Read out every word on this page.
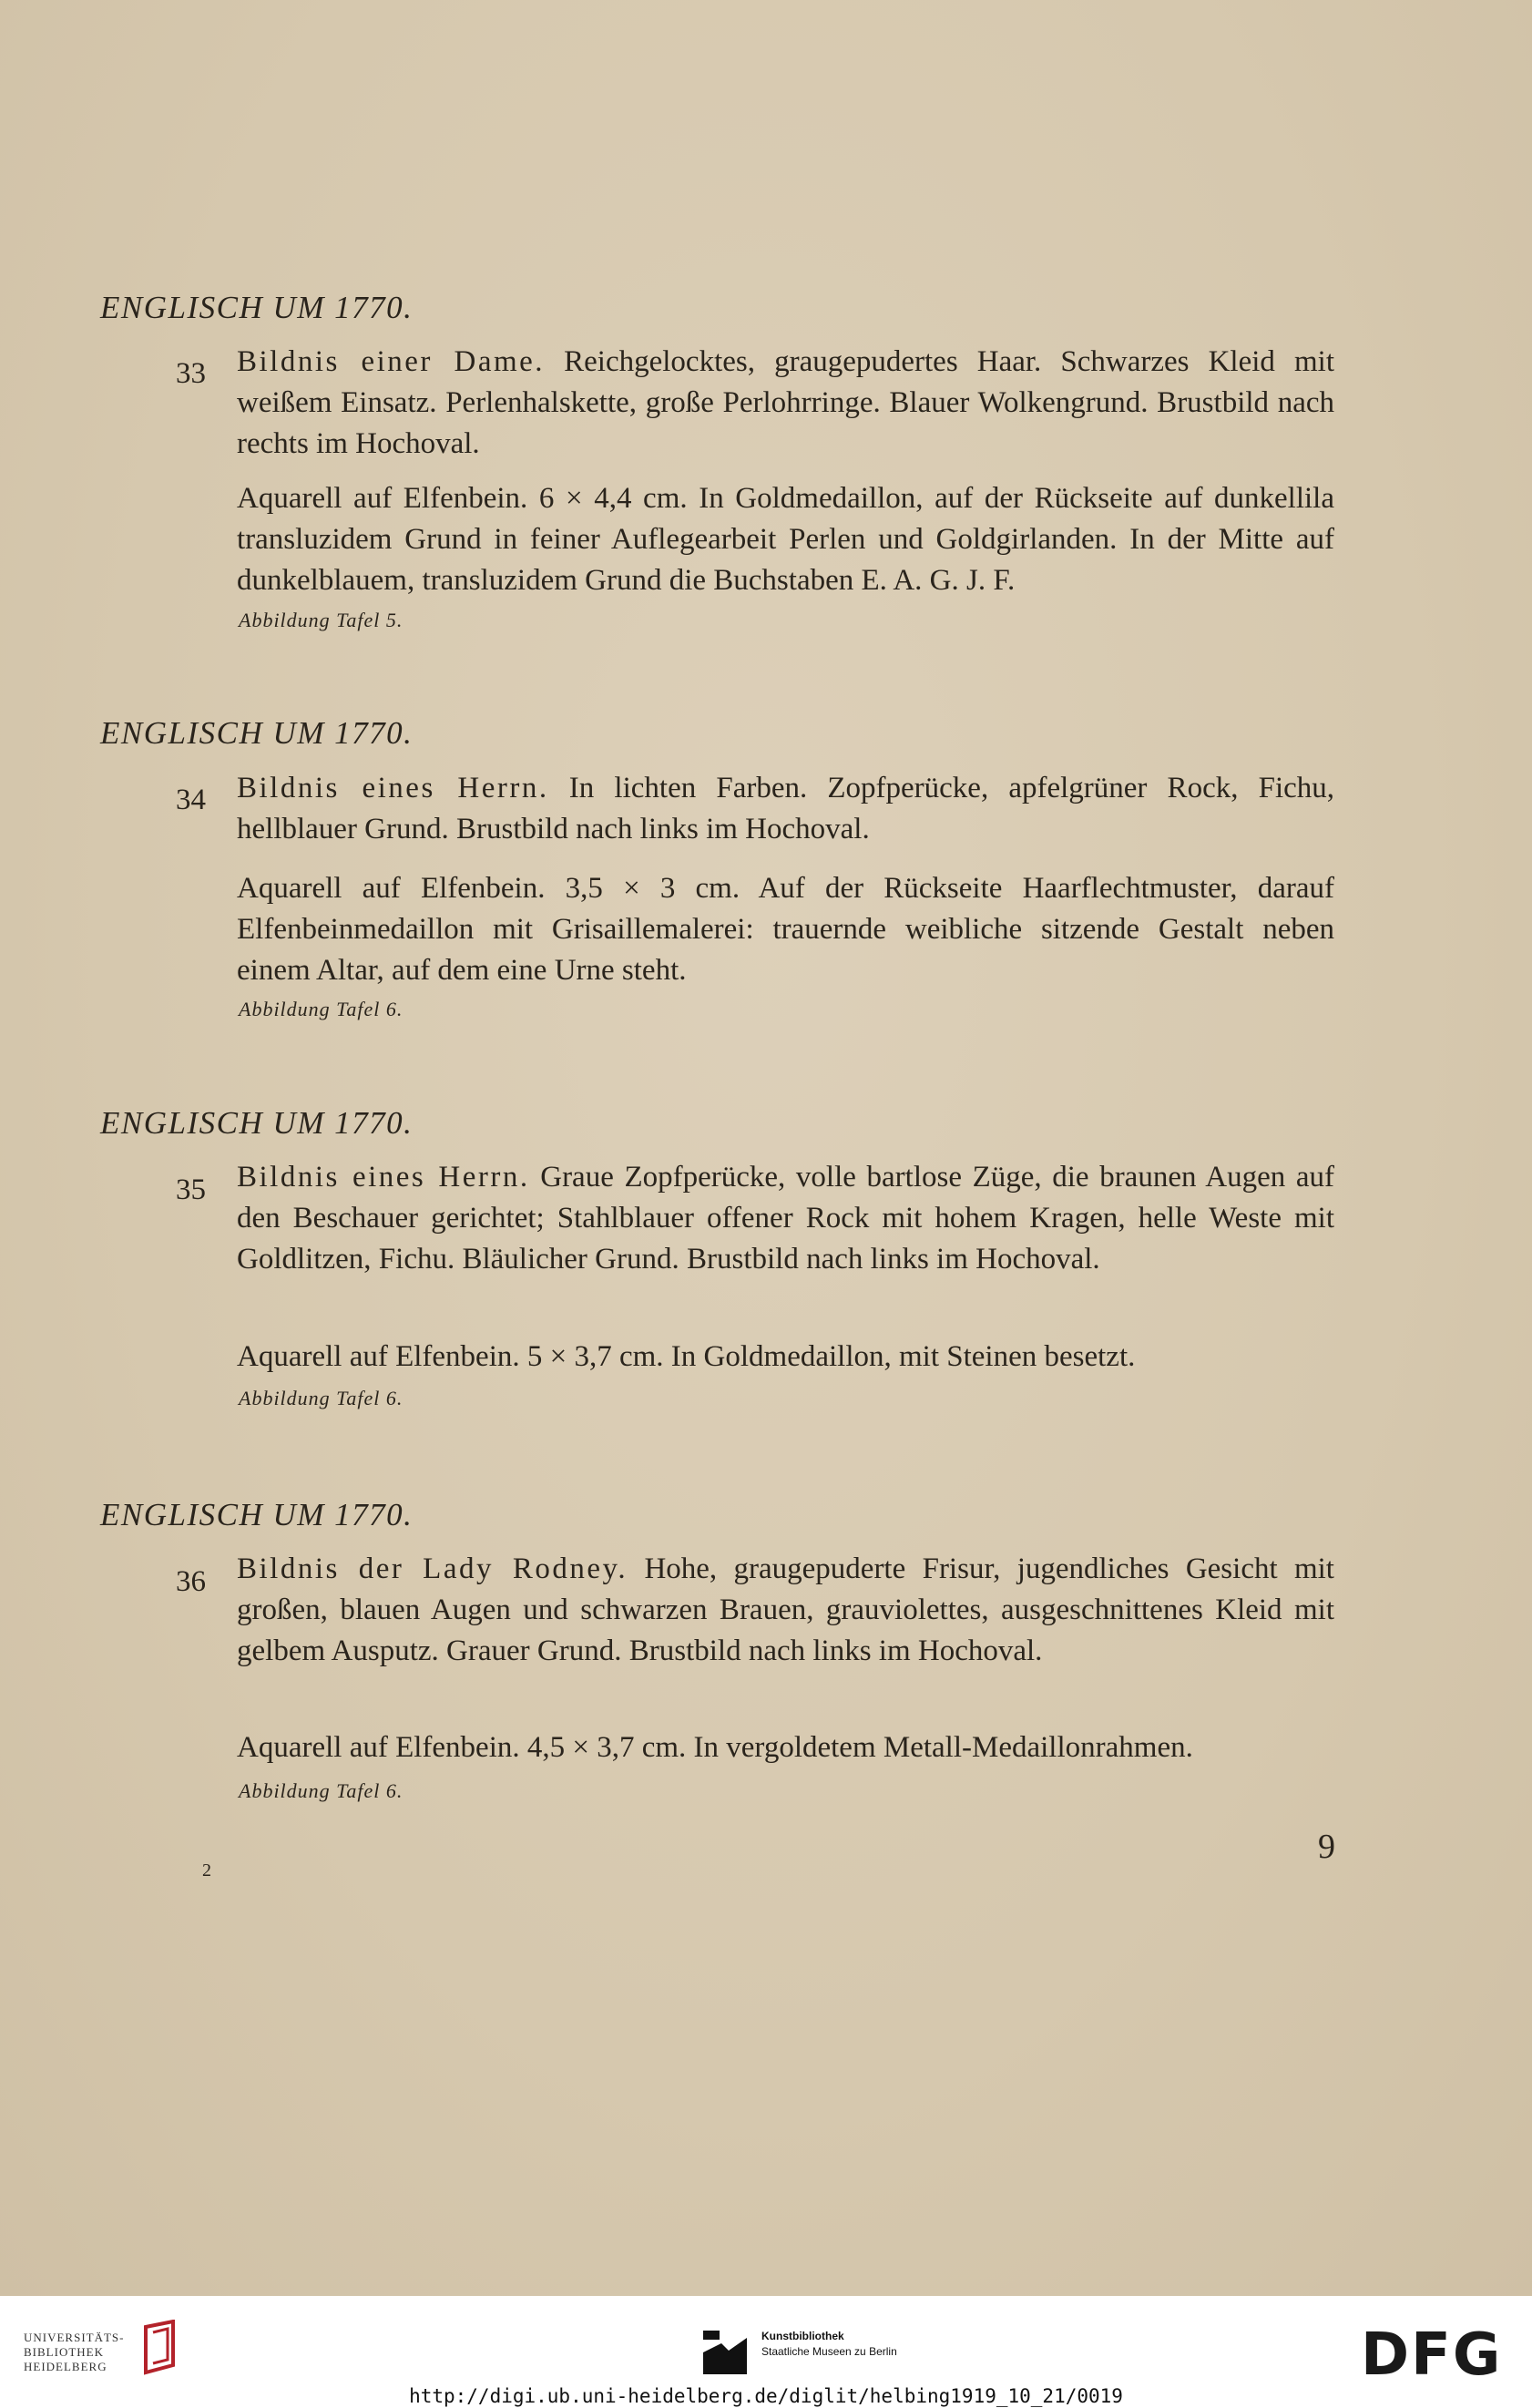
ENGLISCH UM 1770.
33 Bildnis einer Dame. Reichgelocktes, graugepudertes Haar. Schwarzes Kleid mit weißem Einsatz. Perlenhalskette, große Perlohrringe. Blauer Wolkengrund. Brustbild nach rechts im Hochoval.
Aquarell auf Elfenbein. 6 × 4,4 cm. In Goldmedaillon, auf der Rückseite auf dunkellila transluzidem Grund in feiner Auflegearbeit Perlen und Goldgirlanden. In der Mitte auf dunkelblauem, transluzidem Grund die Buchstaben E. A. G. J. F.
Abbildung Tafel 5.
ENGLISCH UM 1770.
34 Bildnis eines Herrn. In lichten Farben. Zopfperücke, apfelgrüner Rock, Fichu, hellblauer Grund. Brustbild nach links im Hochoval.
Aquarell auf Elfenbein. 3,5 × 3 cm. Auf der Rückseite Haarflechtmuster, darauf Elfenbeinmedaillon mit Grisaillemalerei: trauernde weibliche sitzende Gestalt neben einem Altar, auf dem eine Urne steht.
Abbildung Tafel 6.
ENGLISCH UM 1770.
35 Bildnis eines Herrn. Graue Zopfperücke, volle bartlose Züge, die braunen Augen auf den Beschauer gerichtet; Stahlblauer offener Rock mit hohem Kragen, helle Weste mit Goldlitzen, Fichu. Bläulicher Grund. Brustbild nach links im Hochoval.
Aquarell auf Elfenbein. 5 × 3,7 cm. In Goldmedaillon, mit Steinen besetzt.
Abbildung Tafel 6.
ENGLISCH UM 1770.
36 Bildnis der Lady Rodney. Hohe, graugepuderte Frisur, jugendliches Gesicht mit großen, blauen Augen und schwarzen Brauen, grauviolettes, ausgeschnittenes Kleid mit gelbem Ausputz. Grauer Grund. Brustbild nach links im Hochoval.
Aquarell auf Elfenbein. 4,5 × 3,7 cm. In vergoldetem Metall-Medaillonrahmen.
Abbildung Tafel 6.
2
9
UNIVERSITÄTS-
BIBLIOTHEK
HEIDELBERG
Kunstbibliothek
Staatliche Museen zu Berlin	DFG
http://digi.ub.uni-heidelberg.de/diglit/helbing1919_10_21/0019
